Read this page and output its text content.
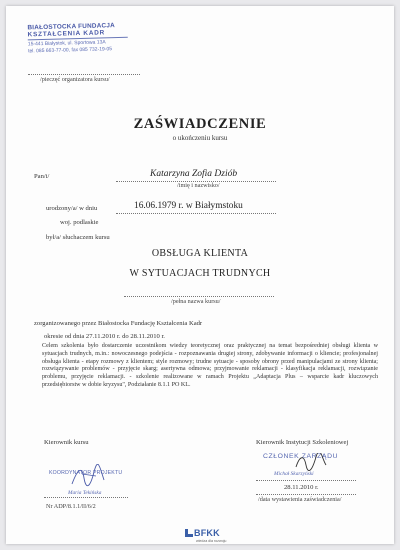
BIAŁOSTOCKA FUNDACJA
KSZTAŁCENIA KADR
15-441 Białystok, ul. Sportowa 13A
tel. 085 663-77-00, fax 085 732-19-05
/pieczęć organizatora kursu/
ZAŚWIADCZENIE
o ukończeniu kursu
Pan/i/	Katarzyna Zofia Dziób
/imię i nazwisko/
urodzony/a/ w dniu	16.06.1979 r. w Białymstoku
woj. podlaskie
był/a/ słuchaczem kursu
OBSŁUGA KLIENTA
W SYTUACJACH TRUDNYCH
/pełna nazwa kursu/
zorganizowanego przez Białostocka Fundację Kształcenia Kadr
okresie od dnia 27.11.2010 r. do 28.11.2010 r.
Celem szkolenia było dostarczenie uczestnikom wiedzy teoretycznej oraz praktycznej na temat bezpośredniej obsługi klienta w sytuacjach trudnych, m.in.: nowoczesnego podejścia - rozpoznawania drugiej strony, zdobywanie informacji o kliencie; profesjonalnej obsługa klienta - etapy rozmowy z klientem; style rozmowy; trudne sytuacje - sposoby obrony przed manipulacjami ze strony klienta; rozwiązywanie problemów - przyjęcie skarg; asertywna odmowa; przyjmowanie reklamacji - klasyfikacja reklamacji, rozwiązanie problemu, przyjęcie reklamacji. - szkolenie realizowane w ramach Projektu „Adaptacja Plus – wsparcie kadr kluczowych przedsiębiorstw w dobie kryzysu", Podziałanie 8.1.1 PO KL.
Kierownik kursu
KOORDYNATOR PROJEKTU
Maria Tekińska
Nr ADP/8.1.1/II/6/2
Kierownik Instytucji Szkoleniowej
CZŁONEK ZARZĄDU
Michał Skarzyński
28.11.2010 r.
/data wystawienia zaświadczenia/
BFKK
wiedza dla rozwoju
